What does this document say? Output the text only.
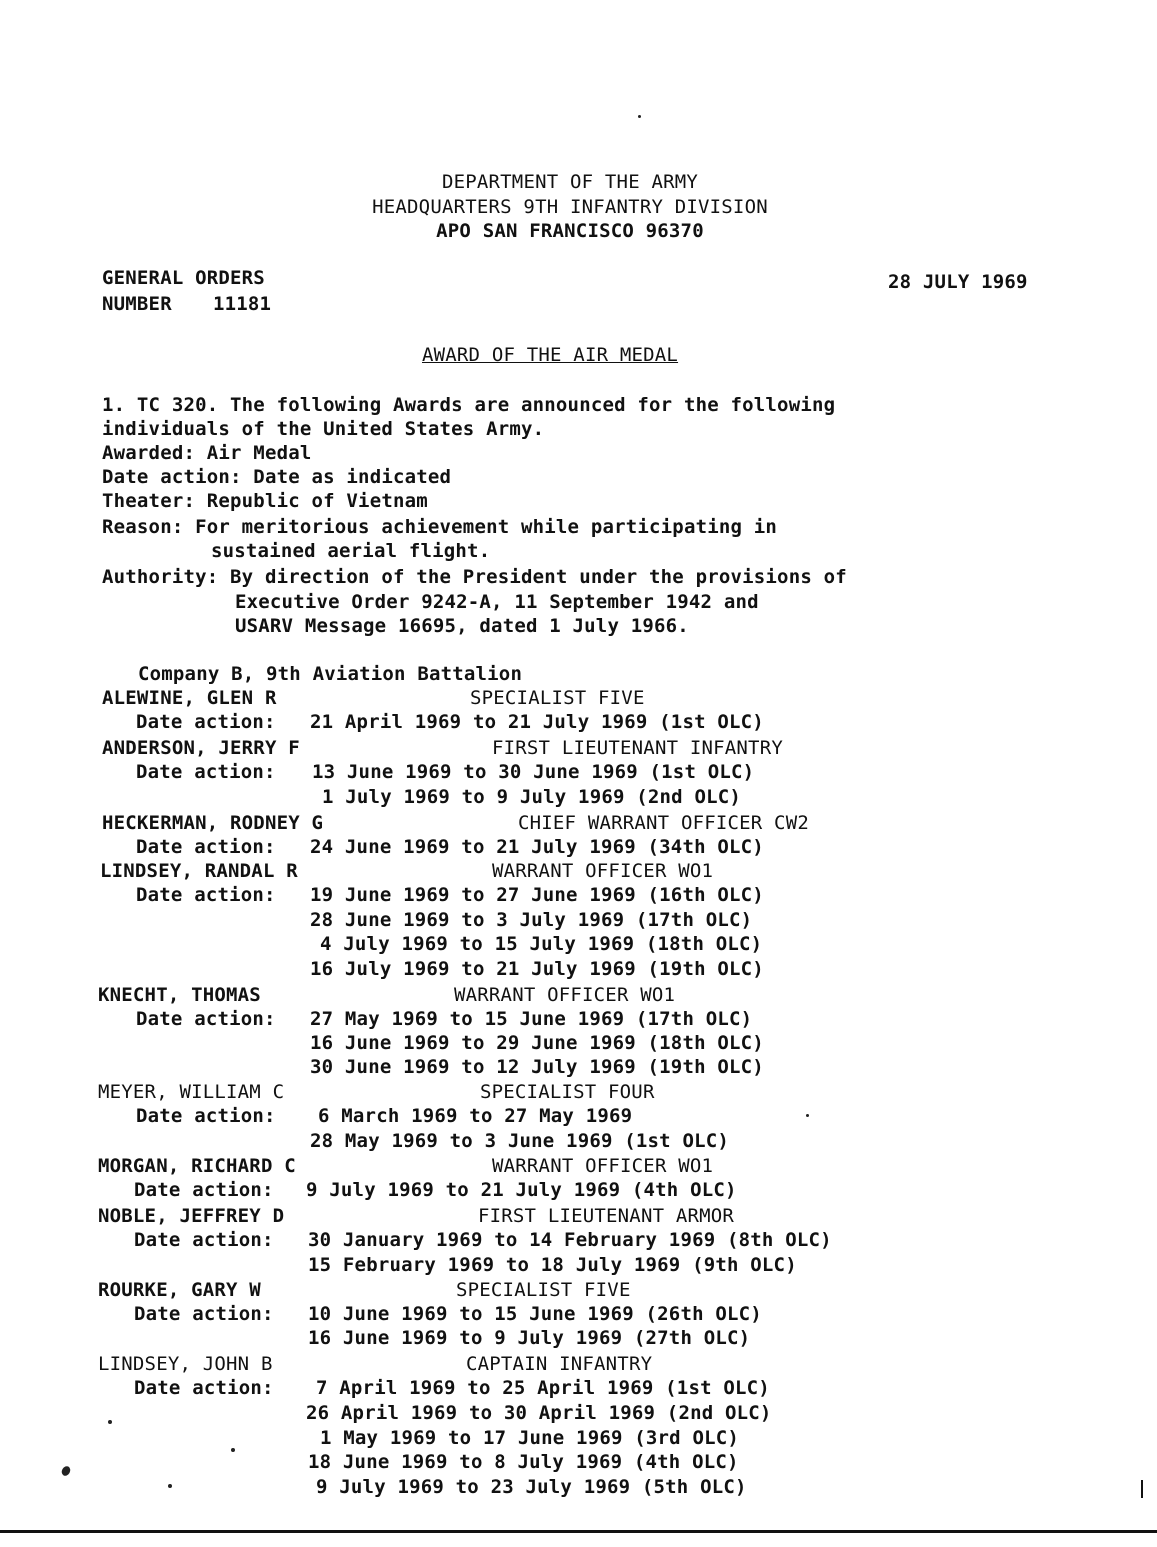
DEPARTMENT OF THE ARMY
HEADQUARTERS 9TH INFANTRY DIVISION
APO SAN FRANCISCO 96370
GENERAL ORDERS
NUMBER 11181
28 JULY 1969
AWARD OF THE AIR MEDAL
1. TC 320. The following Awards are announced for the following
individuals of the United States Army.
Awarded: Air Medal
Date action: Date as indicated
Theater: Republic of Vietnam
Reason: For meritorious achievement while participating in
sustained aerial flight.
Authority: By direction of the President under the provisions of
Executive Order 9242-A, 11 September 1942 and
USARV Message 16695, dated 1 July 1966.
Company B, 9th Aviation Battalion
ALEWINE, GLEN R	SPECIALIST FIVE
Date action: 21 April 1969 to 21 July 1969 (1st OLC)
ANDERSON, JERRY F	FIRST LIEUTENANT INFANTRY
Date action: 13 June 1969 to 30 June 1969 (1st OLC)
1 July 1969 to 9 July 1969 (2nd OLC)
HECKERMAN, RODNEY G	CHIEF WARRANT OFFICER CW2
Date action: 24 June 1969 to 21 July 1969 (34th OLC)
LINDSEY, RANDAL R	WARRANT OFFICER WO1
Date action: 19 June 1969 to 27 June 1969 (16th OLC)
28 June 1969 to 3 July 1969 (17th OLC)
4 July 1969 to 15 July 1969 (18th OLC)
16 July 1969 to 21 July 1969 (19th OLC)
KNECHT, THOMAS	WARRANT OFFICER WO1
Date action: 27 May 1969 to 15 June 1969 (17th OLC)
16 June 1969 to 29 June 1969 (18th OLC)
30 June 1969 to 12 July 1969 (19th OLC)
MEYER, WILLIAM C	SPECIALIST FOUR
Date action: 6 March 1969 to 27 May 1969
28 May 1969 to 3 June 1969 (1st OLC)
MORGAN, RICHARD C	WARRANT OFFICER WO1
Date action: 9 July 1969 to 21 July 1969 (4th OLC)
NOBLE, JEFFREY D	FIRST LIEUTENANT ARMOR
Date action: 30 January 1969 to 14 February 1969 (8th OLC)
15 February 1969 to 18 July 1969 (9th OLC)
ROURKE, GARY W	SPECIALIST FIVE
Date action: 10 June 1969 to 15 June 1969 (26th OLC)
16 June 1969 to 9 July 1969 (27th OLC)
LINDSEY, JOHN B	CAPTAIN INFANTRY
Date action: 7 April 1969 to 25 April 1969 (1st OLC)
26 April 1969 to 30 April 1969 (2nd OLC)
1 May 1969 to 17 June 1969 (3rd OLC)
18 June 1969 to 8 July 1969 (4th OLC)
9 July 1969 to 23 July 1969 (5th OLC)
